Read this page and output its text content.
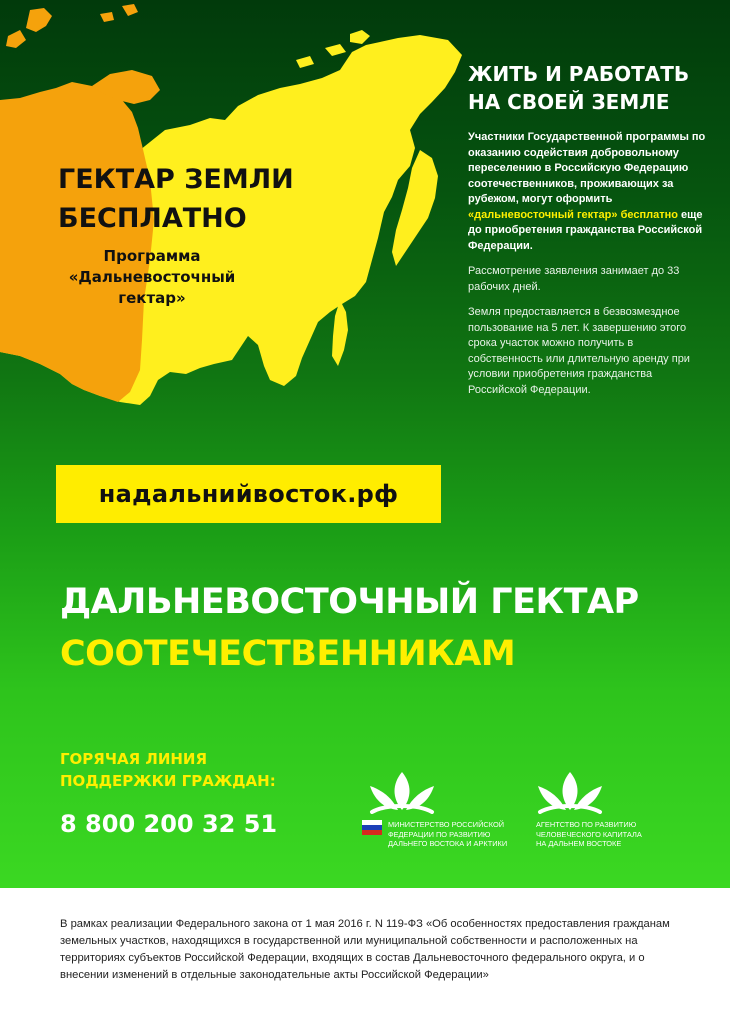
ГЕКТАР ЗЕМЛИ
БЕСПЛАТНО
Программа
«Дальневосточный
гектар»
ЖИТЬ И РАБОТАТЬ
НА СВОЕЙ ЗЕМЛЕ

Участники Государственной программы по оказанию содействия добровольному переселению в Российскую Федерацию соотечественников, проживающих за рубежом, могут оформить «дальневосточный гектар» бесплатно еще до приобретения гражданства Российской Федерации.

Рассмотрение заявления занимает до 33 рабочих дней.

Земля предоставляется в безвозмездное пользование на 5 лет. К завершению этого срока участок можно получить в собственность или длительную аренду при условии приобретения гражданства Российской Федерации.

надальнийвосток.рф
ДАЛЬНЕВОСТОЧНЫЙ ГЕКТАР
СООТЕЧЕСТВЕННИКАМ
ГОРЯЧАЯ ЛИНИЯ
ПОДДЕРЖКИ ГРАЖДАН:
8 800 200 32 51	МИНИСТЕРСТВО РОССИЙСКОЙ
ФЕДЕРАЦИИ ПО РАЗВИТИЮ
ДАЛЬНЕГО ВОСТОКА И АРКТИКИ
АГЕНТСТВО ПО РАЗВИТИЮ
ЧЕЛОВЕЧЕСКОГО КАПИТАЛА
НА ДАЛЬНЕМ ВОСТОКЕ
В рамках реализации Федерального закона от 1 мая 2016 г. N 119-ФЗ «Об особенностях предоставления гражданам земельных участков, находящихся в государственной или муниципальной собственности и расположенных на территориях субъектов Российской Федерации, входящих в состав Дальневосточного федерального округа, и о внесении изменений в отдельные законодательные акты Российской Федерации»
